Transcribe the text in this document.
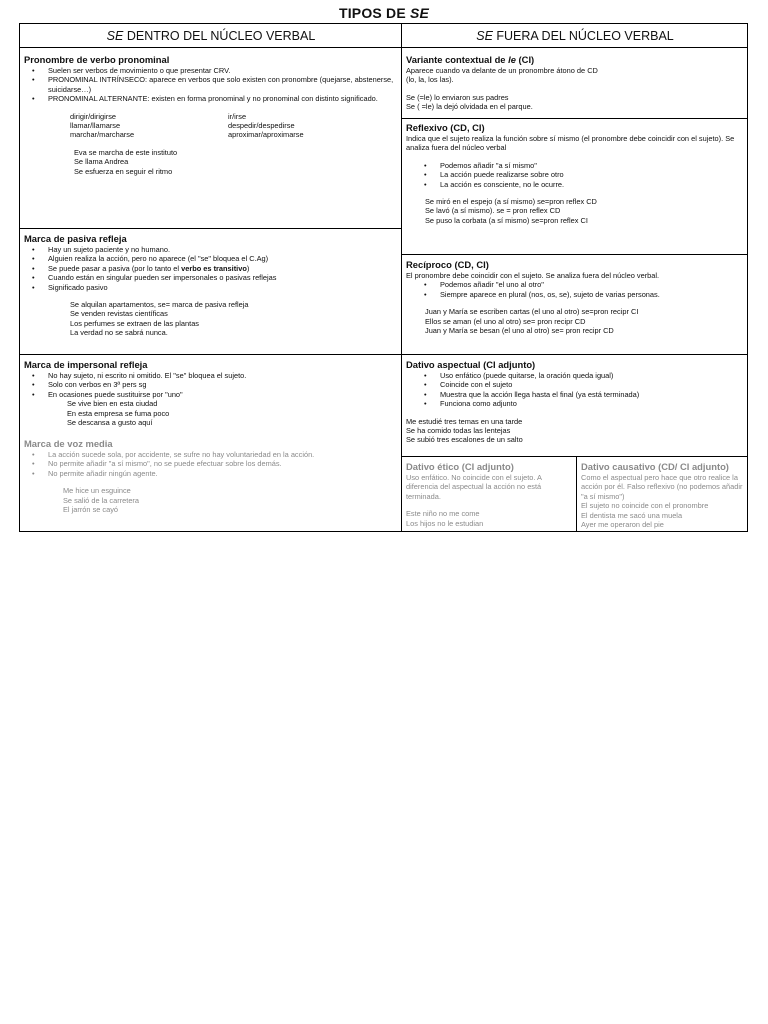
TIPOS DE SE
SE DENTRO DEL NÚCLEO VERBAL	SE FUERA DEL NÚCLEO VERBAL
Pronombre de verbo pronominal
• Suelen ser verbos de movimiento o que presentar CRV.
• PRONOMINAL INTRÍNSECO: aparece en verbos que solo existen con pronombre (quejarse, abstenerse, suicidarse…)
• PRONOMINAL ALTERNANTE: existen en forma pronominal y no pronominal con distinto significado.

dirigir/dirigirse

llamar/llamarse

marchar/marcharse

ir/irse

despedir/despedirse

aproximar/aproximarse

Eva se marcha de este instituto

Se llama Andrea

Se esfuerza en seguir el ritmo

Marca de pasiva refleja
• Hay un sujeto paciente y no humano.
• Alguien realiza la acción, pero no aparece (el "se" bloquea el C.Ag)
• Se puede pasar a pasiva (por lo tanto el verbo es transitivo)
• Cuando están en singular pueden ser impersonales o pasivas reflejas
• Significado pasivo

Se alquilan apartamentos, se= marca de pasiva refleja

Se venden revistas científicas

Los perfumes se extraen de las plantas

La verdad no se sabrá nunca.

Marca de impersonal refleja
• No hay sujeto, ni escrito ni omitido. El "se" bloquea el sujeto.
• Solo con verbos en 3ª pers sg
• En ocasiones puede sustituirse por "uno"

Se vive bien en esta ciudad

En esta empresa se fuma poco

Se descansa a gusto aquí

Marca de voz media
• La acción sucede sola, por accidente, se sufre no hay voluntariedad en la acción.
• No permite añadir "a sí mismo", no se puede efectuar sobre los demás.
• No permite añadir ningún agente.

Me hice un esguince

Se salió de la carretera

El jarrón se cayó

Variante contextual de le (CI)

Aparece cuando va delante de un pronombre átono de CD

(lo, la, los las).

Se (=le) lo enviaron sus padres

Se ( =le) la dejó olvidada en el parque.

Reflexivo (CD, CI)

Indica que el sujeto realiza la función sobre sí mismo (el pronombre debe coincidir con el sujeto). Se analiza fuera del núcleo verbal

• Podemos añadir "a sí mismo"
• La acción puede realizarse sobre otro
• La acción es consciente, no le ocurre.

Se miró en el espejo (a sí mismo) se=pron reflex CD

Se lavó (a sí mismo). se = pron reflex CD

Se puso la corbata (a sí mismo) se=pron reflex CI

Recíproco (CD, CI)

El pronombre debe coincidir con el sujeto. Se analiza fuera del núcleo verbal.

• Podemos añadir "el uno al otro"
• Siempre aparece en plural (nos, os, se), sujeto de varias personas.

Juan y María se escriben cartas (el uno al otro) se=pron recipr CI

Ellos se aman (el uno al otro) se= pron recipr CD

Juan y María se besan (el uno al otro) se= pron recipr CD

Dativo aspectual (CI adjunto)
• Uso enfático (puede quitarse, la oración queda igual)
• Coincide con el sujeto
• Muestra que la acción llega hasta el final (ya está terminada)
• Funciona como adjunto

Me estudié tres temas en una tarde

Se ha comido todas las lentejas

Se subió tres escalones de un salto

Dativo ético (CI adjunto)

Uso enfático. No coincide con el sujeto. A diferencia del aspectual la acción no está terminada.

Este niño no me come

Los hijos no le estudian

Dativo causativo (CD/ CI adjunto)

Como el aspectual pero hace que otro realice la acción por él. Falso reflexivo (no podemos añadir "a sí mismo")

El sujeto no coincide con el pronombre

El dentista me sacó una muela

Ayer me operaron del pie
